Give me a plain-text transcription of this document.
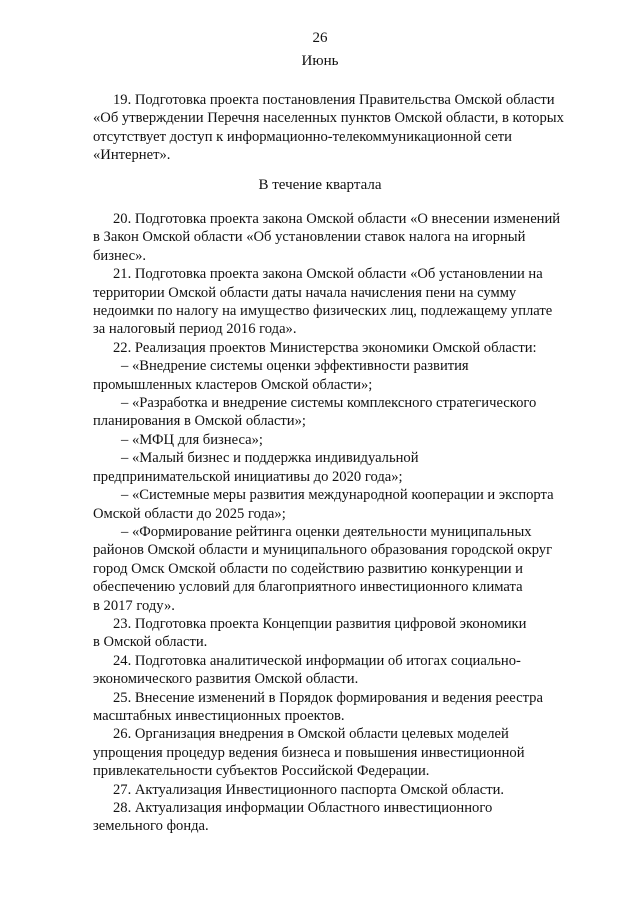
26
Июнь
19. Подготовка проекта постановления Правительства Омской области
«Об утверждении Перечня населенных пунктов Омской области, в которых
отсутствует доступ к информационно-телекоммуникационной сети
«Интернет».
В течение квартала
20. Подготовка проекта закона Омской области «О внесении изменений
в Закон Омской области «Об установлении ставок налога на игорный
бизнес».
21. Подготовка проекта закона Омской области «Об установлении на
территории Омской области даты начала начисления пени на сумму
недоимки по налогу на имущество физических лиц, подлежащему уплате
за налоговый период 2016 года».
22. Реализация проектов Министерства экономики Омской области:
– «Внедрение системы оценки эффективности развития
промышленных кластеров Омской области»;
– «Разработка и внедрение системы комплексного стратегического
планирования в Омской области»;
– «МФЦ для бизнеса»;
– «Малый бизнес и поддержка индивидуальной
предпринимательской инициативы до 2020 года»;
– «Системные меры развития международной кооперации и экспорта
Омской области до 2025 года»;
– «Формирование рейтинга оценки деятельности муниципальных
районов Омской области и муниципального образования городской округ
город Омск Омской области по содействию развитию конкуренции и
обеспечению условий для благоприятного инвестиционного климата
в 2017 году».
23. Подготовка проекта Концепции развития цифровой экономики
в Омской области.
24. Подготовка аналитической информации об итогах социально-
экономического развития Омской области.
25. Внесение изменений в Порядок формирования и ведения реестра
масштабных инвестиционных проектов.
26. Организация внедрения в Омской области целевых моделей
упрощения процедур ведения бизнеса и повышения инвестиционной
привлекательности субъектов Российской Федерации.
27. Актуализация Инвестиционного паспорта Омской области.
28. Актуализация информации Областного инвестиционного
земельного фонда.
